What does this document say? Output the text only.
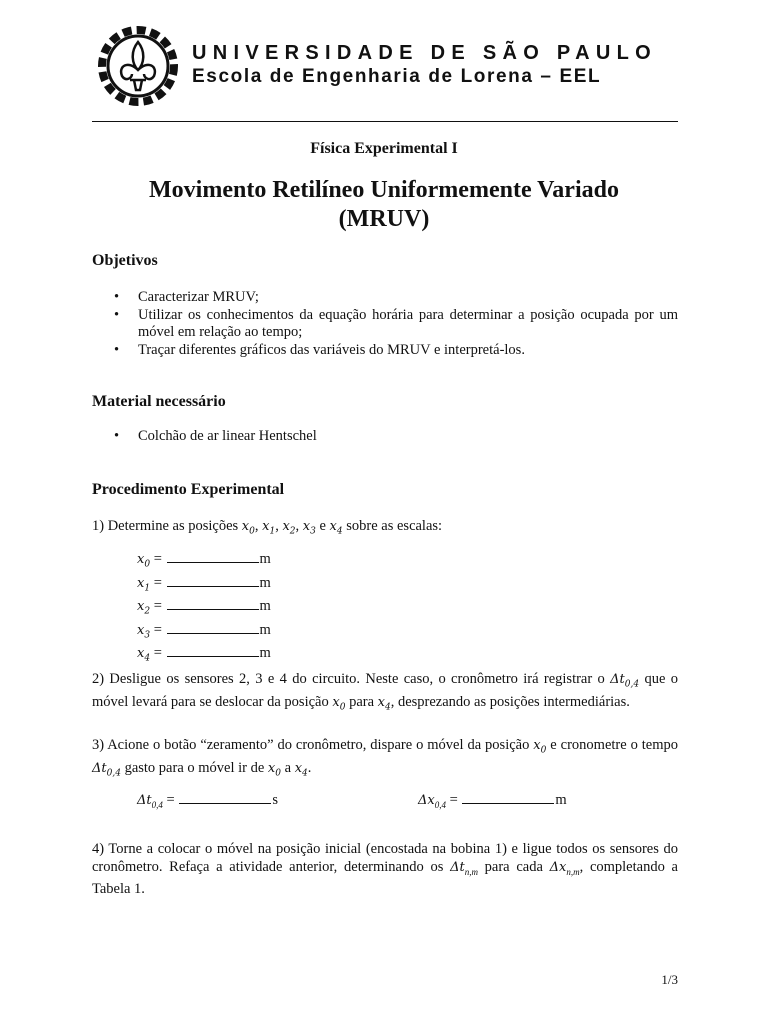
UNIVERSIDADE DE SÃO PAULO
Escola de Engenharia de Lorena – EEL
Física Experimental I
Movimento Retilíneo Uniformemente Variado
(MRUV)
Objetivos
• Caracterizar MRUV;
• Utilizar os conhecimentos da equação horária para determinar a posição ocupada por um móvel em relação ao tempo;
• Traçar diferentes gráficos das variáveis do MRUV e interpretá-los.
Material necessário
• Colchão de ar linear Hentschel
Procedimento Experimental
1) Determine as posições $x_0$, $x_1$, $x_2$, $x_3$ e $x_4$ sobre as escalas:
$x_0$ =	m
$x_1$ =	m
$x_2$ =	m
$x_3$ =	m
$x_4$ =	m
2) Desligue os sensores 2, 3 e 4 do circuito. Neste caso, o cronômetro irá registrar o $\Delta t_{0,4}$ que o móvel levará para se deslocar da posição $x_0$ para $x_4$, desprezando as posições intermediárias.
3) Acione o botão “zeramento” do cronômetro, dispare o móvel da posição $x_0$ e cronometre o tempo $\Delta t_{0,4}$ gasto para o móvel ir de $x_0$ a $x_4$.
$\Delta t_{0,4}$ =	s	$\Delta x_{0,4}$ =	m
4) Torne a colocar o móvel na posição inicial (encostada na bobina 1) e ligue todos os sensores do cronômetro. Refaça a atividade anterior, determinando os $\Delta t_{n,m}$ para cada $\Delta x_{n,m}$, completando a Tabela 1.
1/3
